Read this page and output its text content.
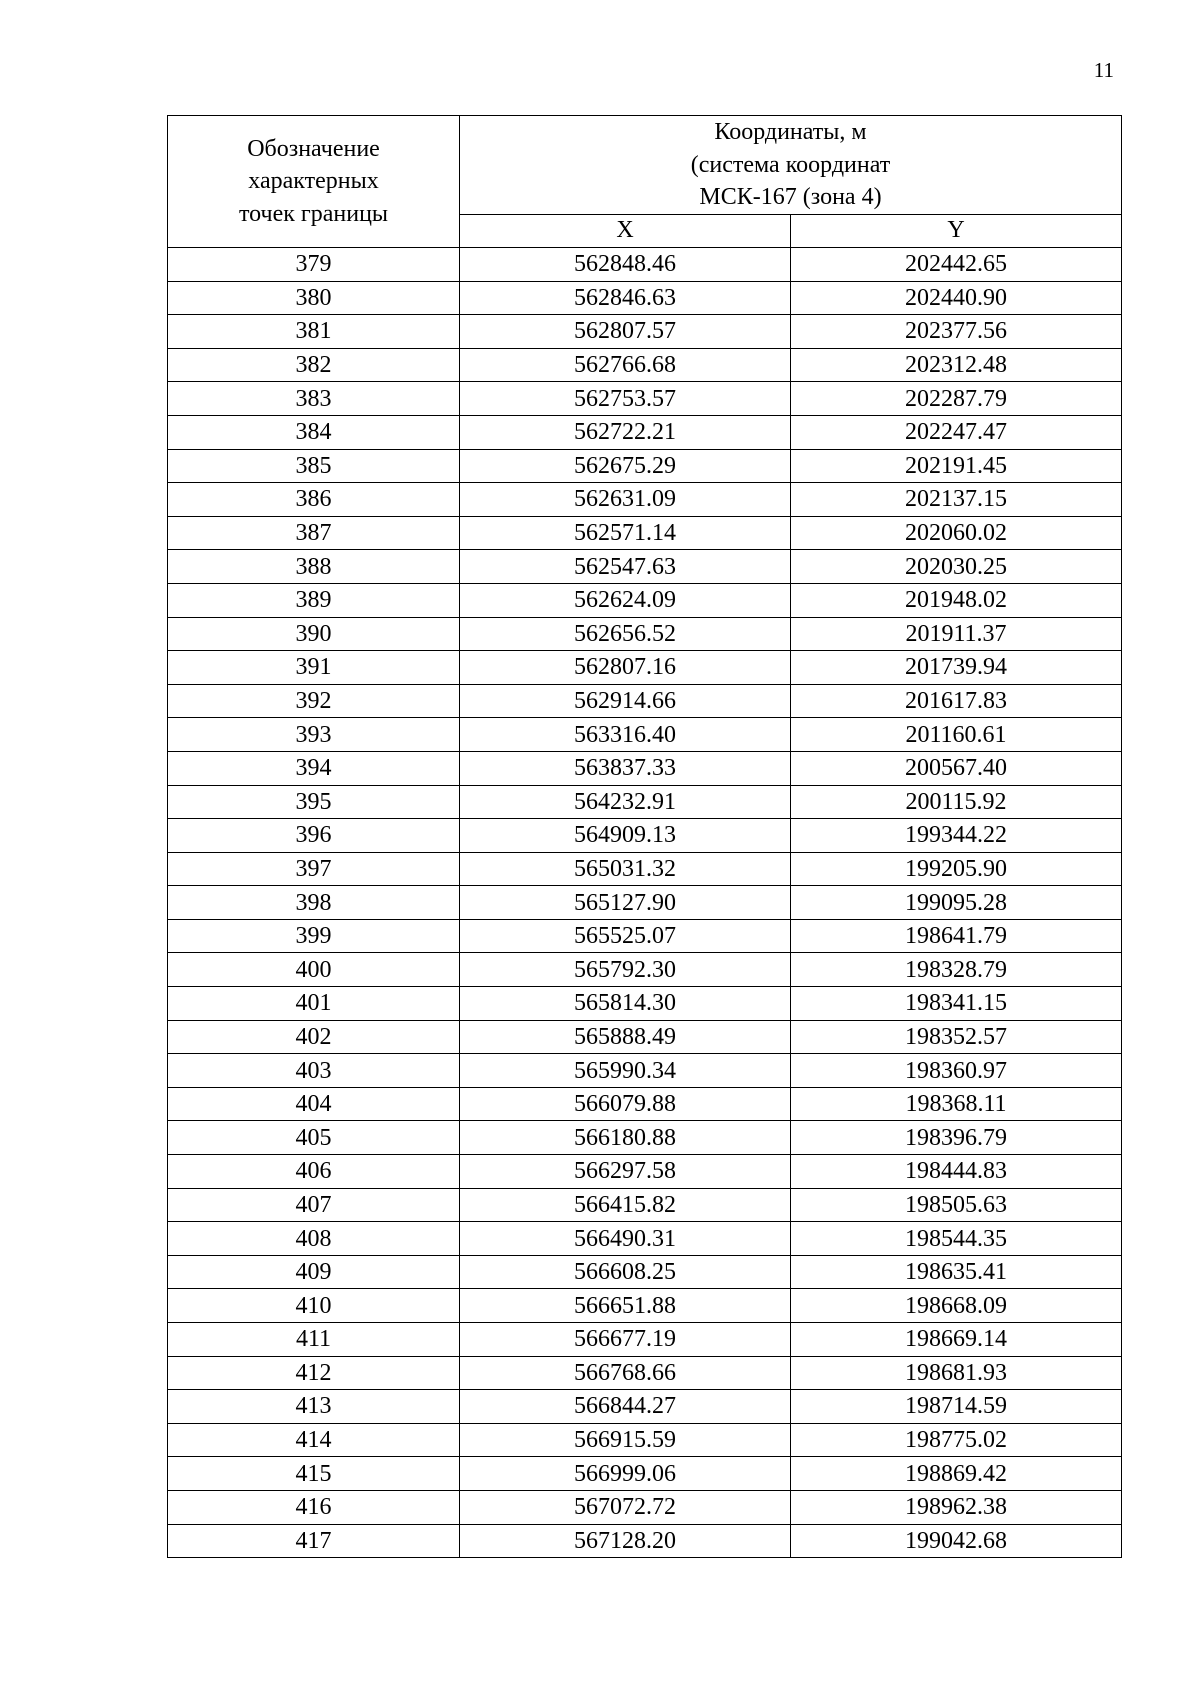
11
Обозначение
характерных
точек границы	Координаты, м
(система координат
МСК-167 (зона 4)	

	X	Y
379	562848.46	202442.65
380	562846.63	202440.90
381	562807.57	202377.56
382	562766.68	202312.48
383	562753.57	202287.79
384	562722.21	202247.47
385	562675.29	202191.45
386	562631.09	202137.15
387	562571.14	202060.02
388	562547.63	202030.25
389	562624.09	201948.02
390	562656.52	201911.37
391	562807.16	201739.94
392	562914.66	201617.83
393	563316.40	201160.61
394	563837.33	200567.40
395	564232.91	200115.92
396	564909.13	199344.22
397	565031.32	199205.90
398	565127.90	199095.28
399	565525.07	198641.79
400	565792.30	198328.79
401	565814.30	198341.15
402	565888.49	198352.57
403	565990.34	198360.97
404	566079.88	198368.11
405	566180.88	198396.79
406	566297.58	198444.83
407	566415.82	198505.63
408	566490.31	198544.35
409	566608.25	198635.41
410	566651.88	198668.09
411	566677.19	198669.14
412	566768.66	198681.93
413	566844.27	198714.59
414	566915.59	198775.02
415	566999.06	198869.42
416	567072.72	198962.38
417	567128.20	199042.68
